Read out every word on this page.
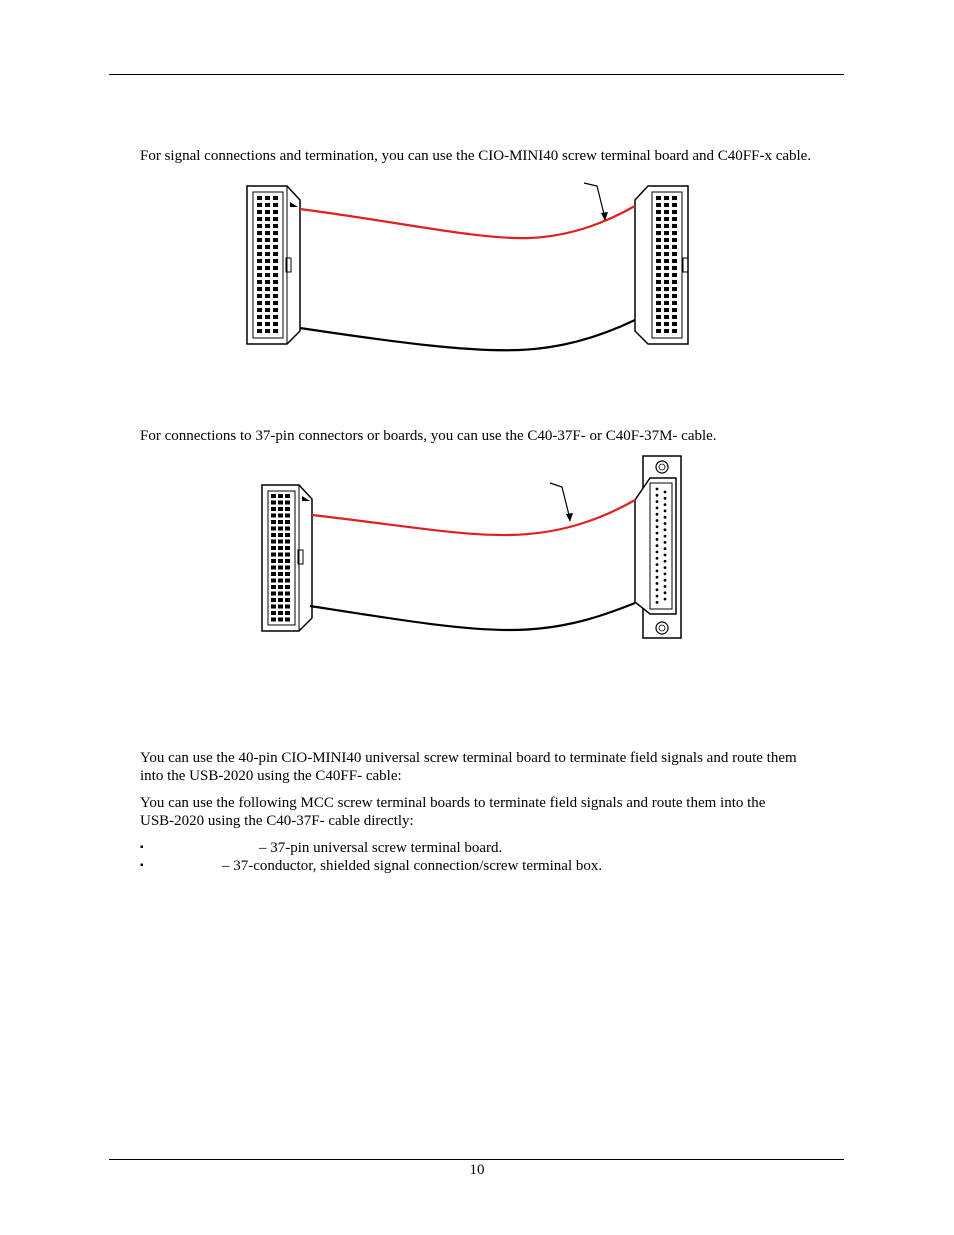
For signal connections and termination, you can use the CIO-MINI40 screw terminal board and C40FF-x cable.

For connections to 37-pin connectors or boards, you can use the C40-37F- or C40F-37M- cable.

You can use the 40-pin CIO-MINI40 universal screw terminal board to terminate field signals and route them

into the USB-2020 using the C40FF- cable:

You can use the following MCC screw terminal boards to terminate field signals and route them into the

USB-2020 using the C40-37F- cable directly:

▪	– 37-pin universal screw terminal board.
▪	– 37-conductor, shielded signal connection/screw terminal box.
10
